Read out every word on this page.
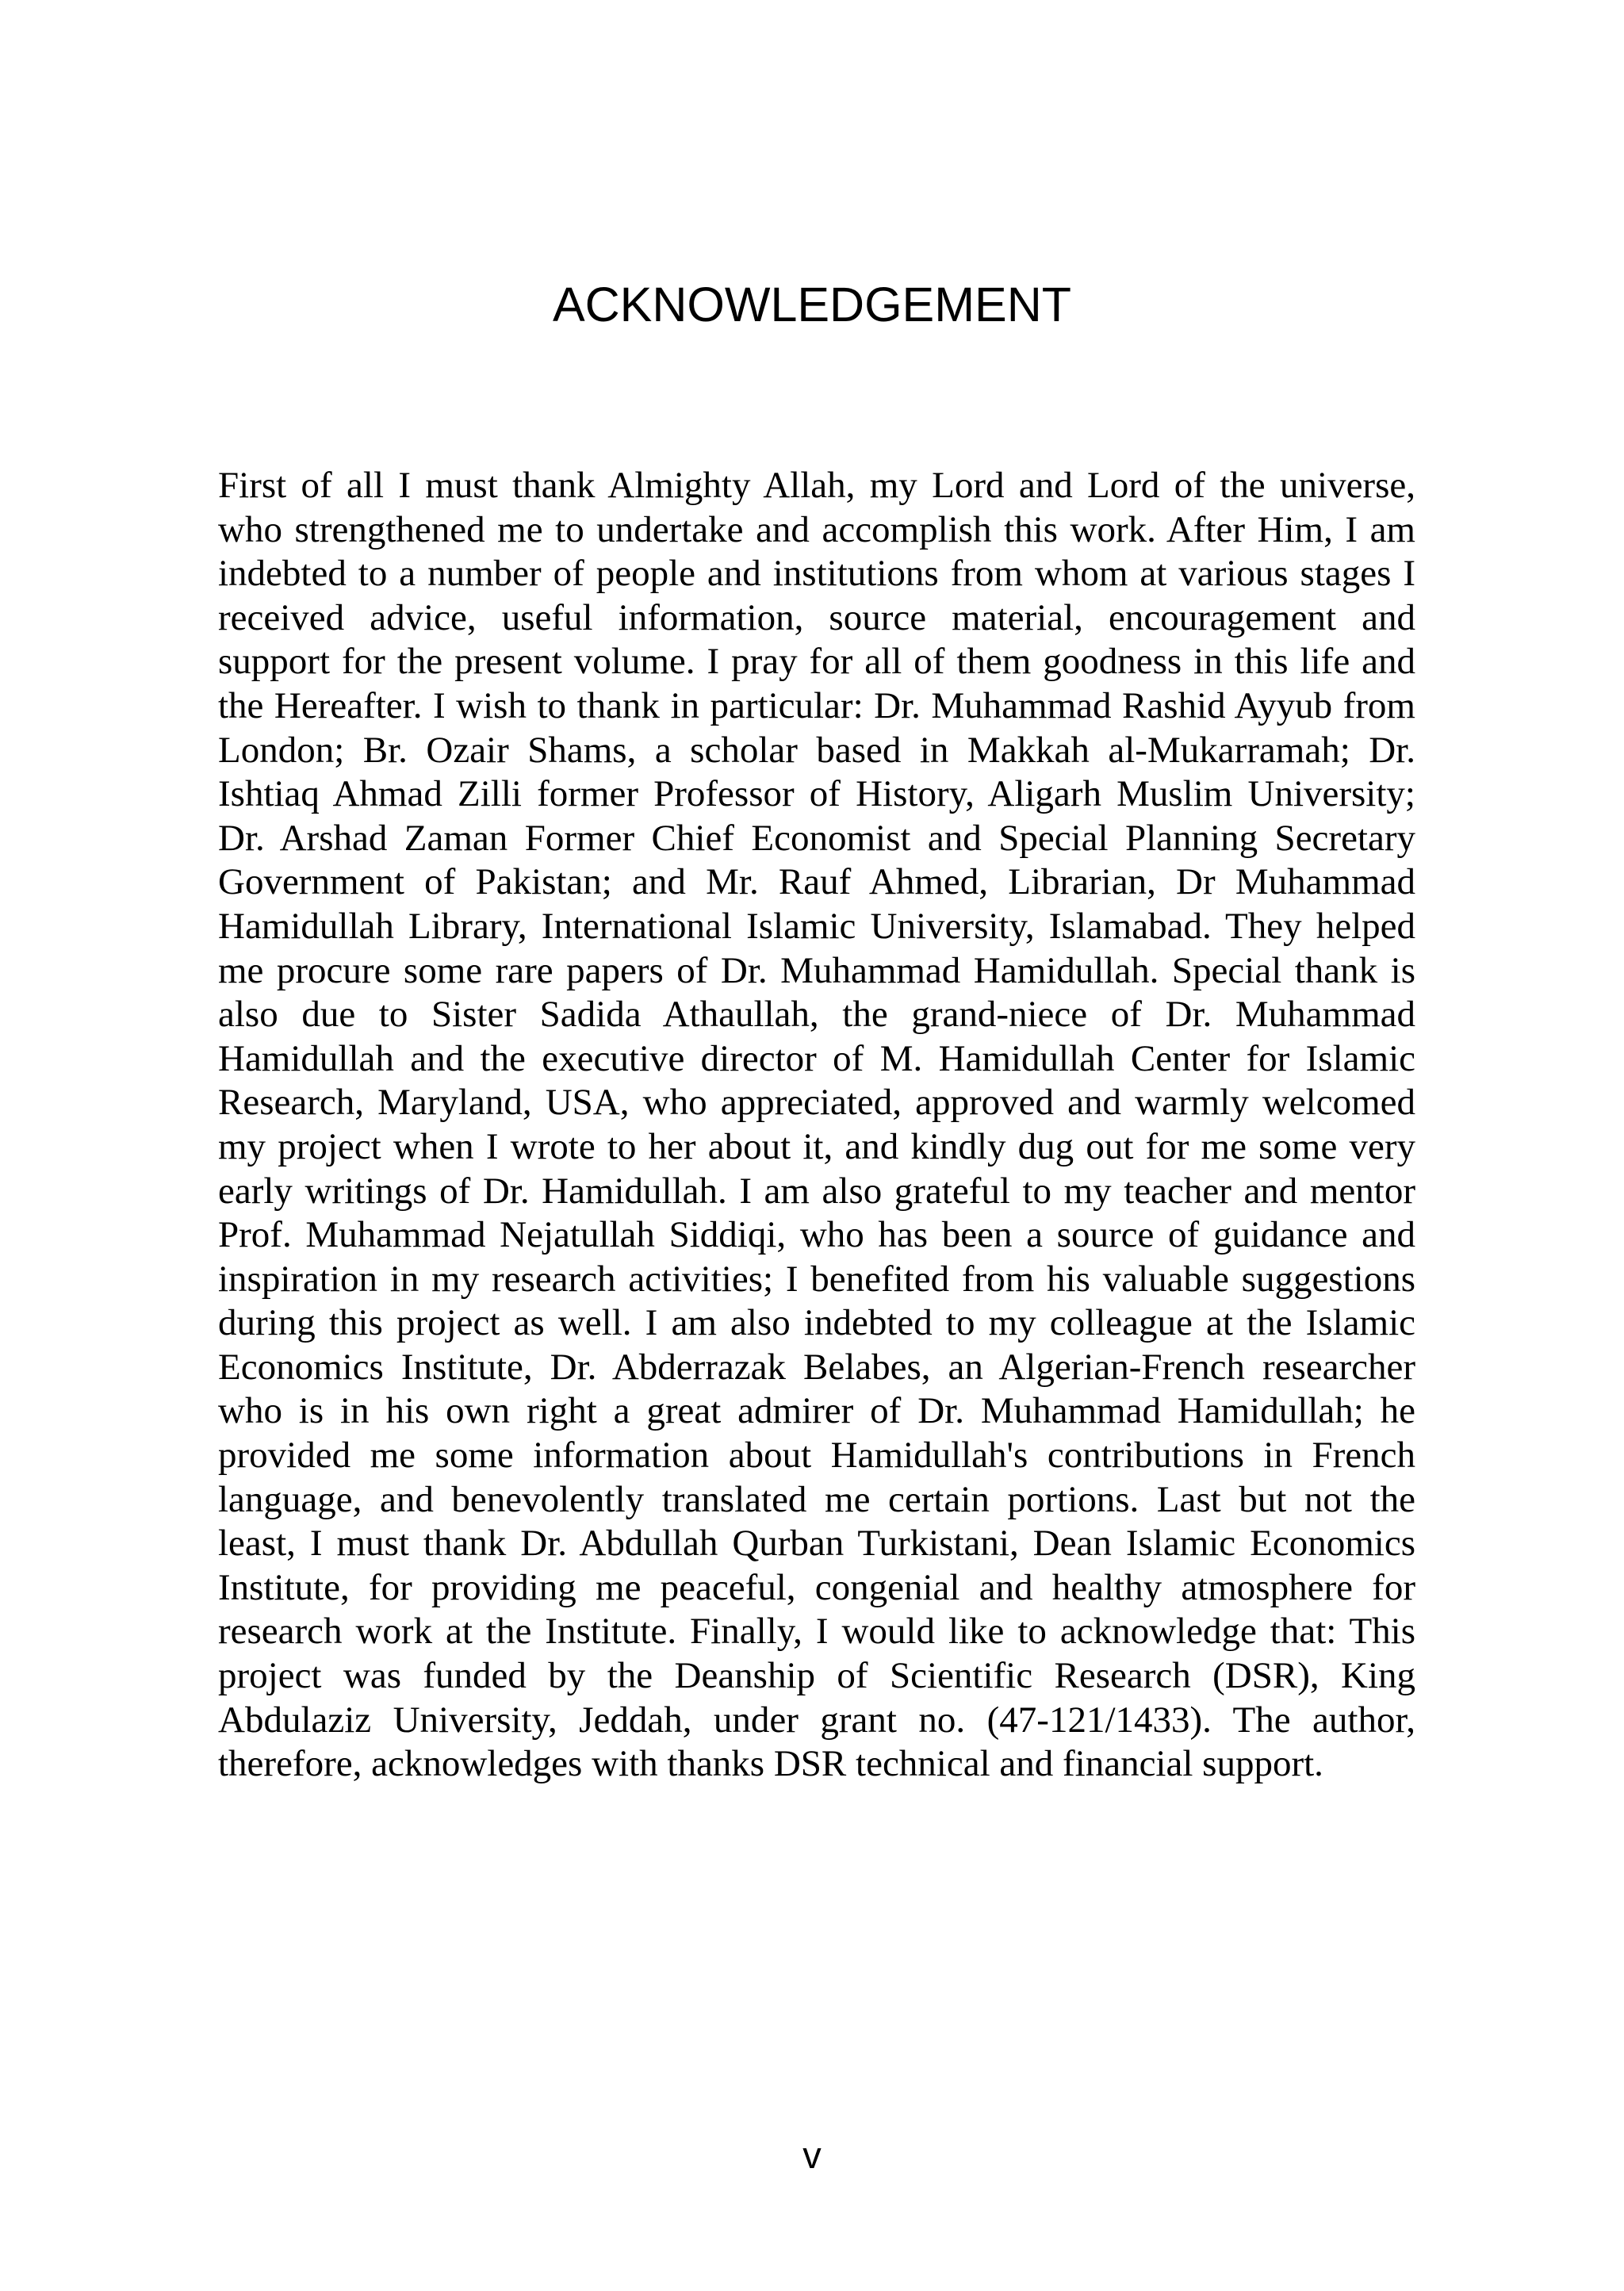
ACKNOWLEDGEMENT

First of all I must thank Almighty Allah, my Lord and Lord of the universe, who strengthened me to undertake and accomplish this work. After Him, I am indebted to a number of people and institutions from whom at various stages I received advice, useful information, source material, encouragement and support for the present volume. I pray for all of them goodness in this life and the Hereafter. I wish to thank in particular: Dr. Muhammad Rashid Ayyub from London; Br. Ozair Shams, a scholar based in Makkah al-Mukarramah; Dr. Ishtiaq Ahmad Zilli former Professor of History, Aligarh Muslim University; Dr. Arshad Zaman Former Chief Economist and Special Planning Secretary Government of Pakistan; and Mr. Rauf Ahmed, Librarian, Dr Muhammad Hamidullah Library, International Islamic University, Islamabad. They helped me procure some rare papers of Dr. Muhammad Hamidullah. Special thank is also due to Sister Sadida Athaullah, the grand-niece of Dr. Muhammad Hamidullah and the executive director of M. Hamidullah Center for Islamic Research, Maryland, USA, who appreciated, approved and warmly welcomed my project when I wrote to her about it, and kindly dug out for me some very early writings of Dr. Hamidullah. I am also grateful to my teacher and mentor Prof. Muhammad Nejatullah Siddiqi, who has been a source of guidance and inspiration in my research activities; I benefited from his valuable suggestions during this project as well. I am also indebted to my colleague at the Islamic Economics Institute, Dr. Abderrazak Belabes, an Algerian-French researcher who is in his own right a great admirer of Dr. Muhammad Hamidullah; he provided me some information about Hamidullah's contributions in French language, and benevolently translated me certain portions. Last but not the least, I must thank Dr. Abdullah Qurban Turkistani, Dean Islamic Economics Institute, for providing me peaceful, congenial and healthy atmosphere for research work at the Institute. Finally, I would like to acknowledge that: This project was funded by the Deanship of Scientific Research (DSR), King Abdulaziz University, Jeddah, under grant no. (47-121/1433). The author, therefore, acknowledges with thanks DSR technical and financial support.

v
